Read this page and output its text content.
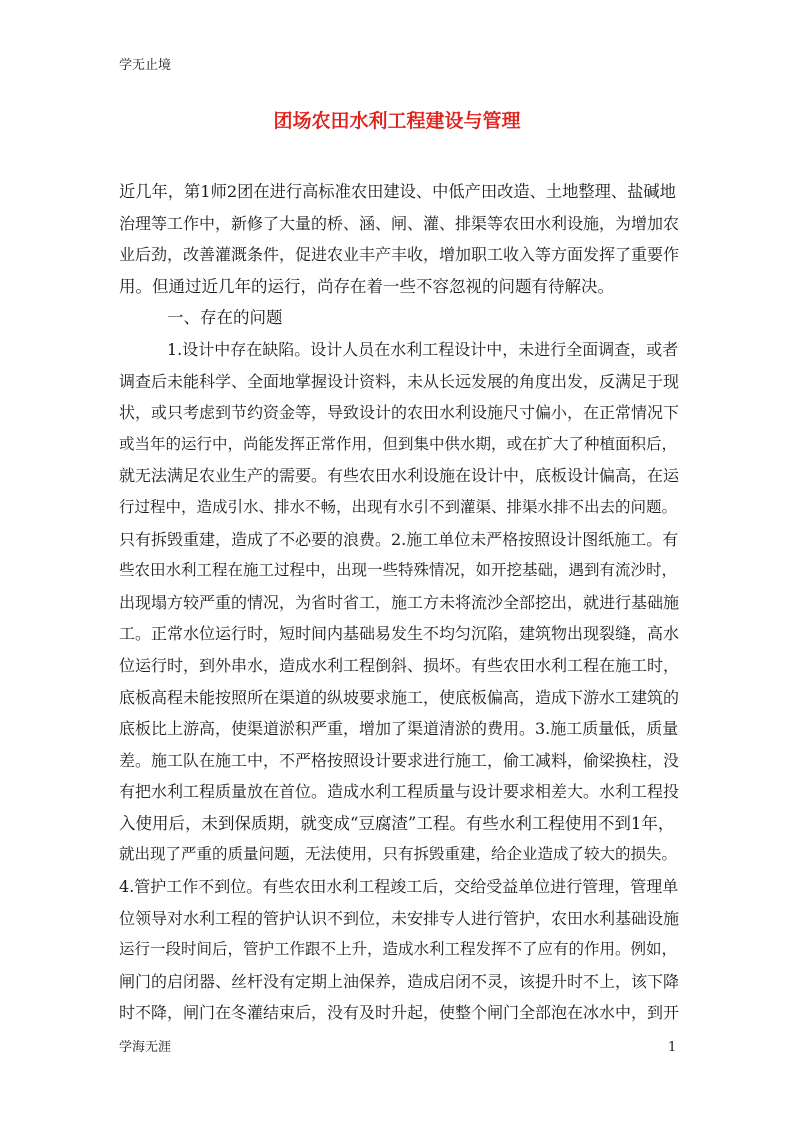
学无止境
团场农田水利工程建设与管理
近几年，第1师2团在进行高标准农田建设、中低产田改造、土地整理、盐碱地
治理等工作中，新修了大量的桥、涵、闸、灌、排渠等农田水利设施，为增加农
业后劲，改善灌溉条件，促进农业丰产丰收，增加职工收入等方面发挥了重要作
用。但通过近几年的运行，尚存在着一些不容忽视的问题有待解决。
一、存在的问题
1.设计中存在缺陷。设计人员在水利工程设计中，未进行全面调查，或者
调查后未能科学、全面地掌握设计资料，未从长远发展的角度出发，反满足于现
状，或只考虑到节约资金等，导致设计的农田水利设施尺寸偏小，在正常情况下
或当年的运行中，尚能发挥正常作用，但到集中供水期，或在扩大了种植面积后，
就无法满足农业生产的需要。有些农田水利设施在设计中，底板设计偏高，在运
行过程中，造成引水、排水不畅，出现有水引不到灌渠、排渠水排不出去的问题。
只有拆毁重建，造成了不必要的浪费。2.施工单位未严格按照设计图纸施工。有
些农田水利工程在施工过程中，出现一些特殊情况，如开挖基础，遇到有流沙时，
出现塌方较严重的情况，为省时省工，施工方未将流沙全部挖出，就进行基础施
工。正常水位运行时，短时间内基础易发生不均匀沉陷，建筑物出现裂缝，高水
位运行时，到外串水，造成水利工程倒斜、损坏。有些农田水利工程在施工时，
底板高程未能按照所在渠道的纵坡要求施工，使底板偏高，造成下游水工建筑的
底板比上游高，使渠道淤积严重，增加了渠道清淤的费用。3.施工质量低，质量
差。施工队在施工中，不严格按照设计要求进行施工，偷工减料，偷梁换柱，没
有把水利工程质量放在首位。造成水利工程质量与设计要求相差大。水利工程投
入使用后，未到保质期，就变成“豆腐渣”工程。有些水利工程使用不到1年，
就出现了严重的质量问题，无法使用，只有拆毁重建，给企业造成了较大的损失。
4.管护工作不到位。有些农田水利工程竣工后，交给受益单位进行管理，管理单
位领导对水利工程的管护认识不到位，未安排专人进行管护，农田水利基础设施
运行一段时间后，管护工作跟不上升，造成水利工程发挥不了应有的作用。例如，
闸门的启闭器、丝杆没有定期上油保养，造成启闭不灵，该提升时不上，该下降
时不降，闸门在冬灌结束后，没有及时升起，使整个闸门全部泡在冰水中，到开
学海无涯	1
